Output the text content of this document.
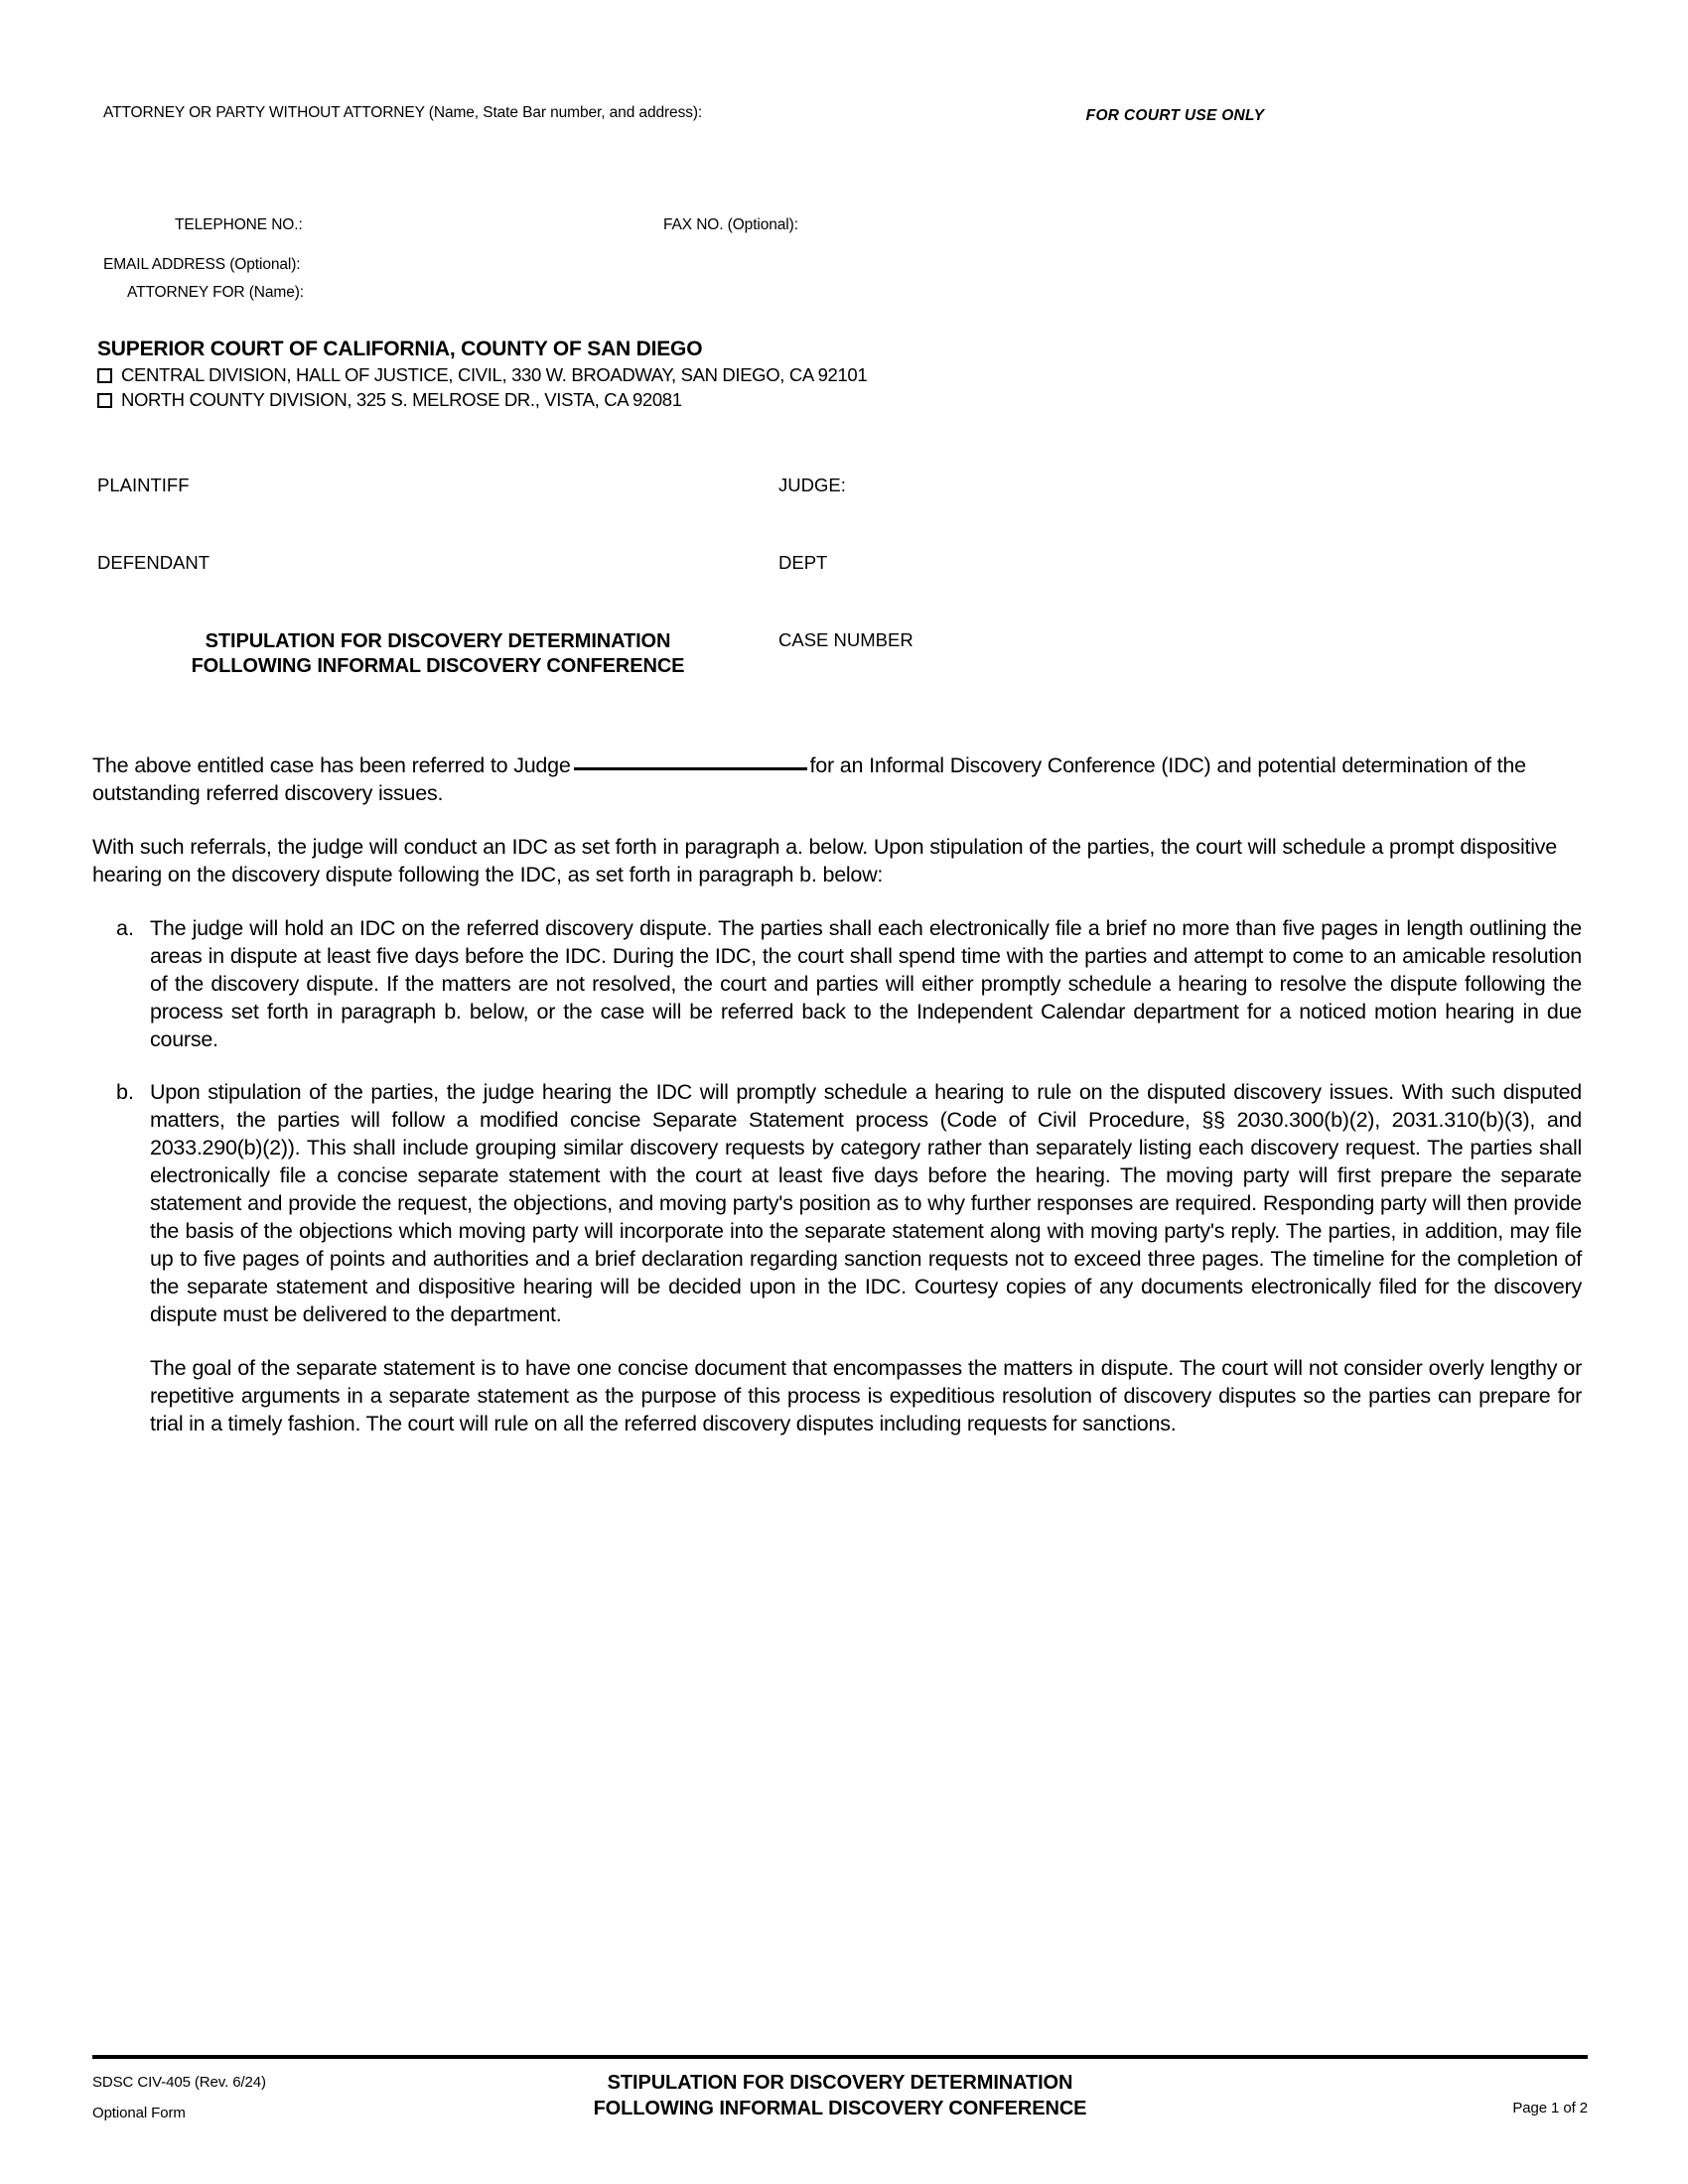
ATTORNEY OR PARTY WITHOUT ATTORNEY (Name, State Bar number, and address):
TELEPHONE NO.: FAX NO. (Optional):
EMAIL ADDRESS (Optional):
ATTORNEY FOR (Name):	FOR COURT USE ONLY

SUPERIOR COURT OF CALIFORNIA, COUNTY OF SAN DIEGO
CENTRAL DIVISION, HALL OF JUSTICE, CIVIL, 330 W. BROADWAY, SAN DIEGO, CA 92101
NORTH COUNTY DIVISION, 325 S. MELROSE DR., VISTA, CA 92081	

PLAINTIFF	JUDGE:
DEFENDANT	DEPT

STIPULATION FOR DISCOVERY DETERMINATION
FOLLOWING INFORMAL DISCOVERY CONFERENCE	CASE NUMBER

The above entitled case has been referred to Judge	for an Informal Discovery Conference (IDC) and potential determination of the outstanding referred discovery issues.

With such referrals, the judge will conduct an IDC as set forth in paragraph a. below. Upon stipulation of the parties, the court will schedule a prompt dispositive hearing on the discovery dispute following the IDC, as set forth in paragraph b. below:

a. The judge will hold an IDC on the referred discovery dispute. The parties shall each electronically file a brief no more than five pages in length outlining the areas in dispute at least five days before the IDC. During the IDC, the court shall spend time with the parties and attempt to come to an amicable resolution of the discovery dispute. If the matters are not resolved, the court and parties will either promptly schedule a hearing to resolve the dispute following the process set forth in paragraph b. below, or the case will be referred back to the Independent Calendar department for a noticed motion hearing in due course.

b. Upon stipulation of the parties, the judge hearing the IDC will promptly schedule a hearing to rule on the disputed discovery issues. With such disputed matters, the parties will follow a modified concise Separate Statement process (Code of Civil Procedure, §§ 2030.300(b)(2), 2031.310(b)(3), and 2033.290(b)(2)). This shall include grouping similar discovery requests by category rather than separately listing each discovery request. The parties shall electronically file a concise separate statement with the court at least five days before the hearing. The moving party will first prepare the separate statement and provide the request, the objections, and moving party's position as to why further responses are required. Responding party will then provide the basis of the objections which moving party will incorporate into the separate statement along with moving party's reply. The parties, in addition, may file up to five pages of points and authorities and a brief declaration regarding sanction requests not to exceed three pages. The timeline for the completion of the separate statement and dispositive hearing will be decided upon in the IDC. Courtesy copies of any documents electronically filed for the discovery dispute must be delivered to the department.

The goal of the separate statement is to have one concise document that encompasses the matters in dispute. The court will not consider overly lengthy or repetitive arguments in a separate statement as the purpose of this process is expeditious resolution of discovery disputes so the parties can prepare for trial in a timely fashion. The court will rule on all the referred discovery disputes including requests for sanctions.

SDSC CIV-405 (Rev. 6/24)
Optional Form
STIPULATION FOR DISCOVERY DETERMINATION
FOLLOWING INFORMAL DISCOVERY CONFERENCE	Page 1 of 2
